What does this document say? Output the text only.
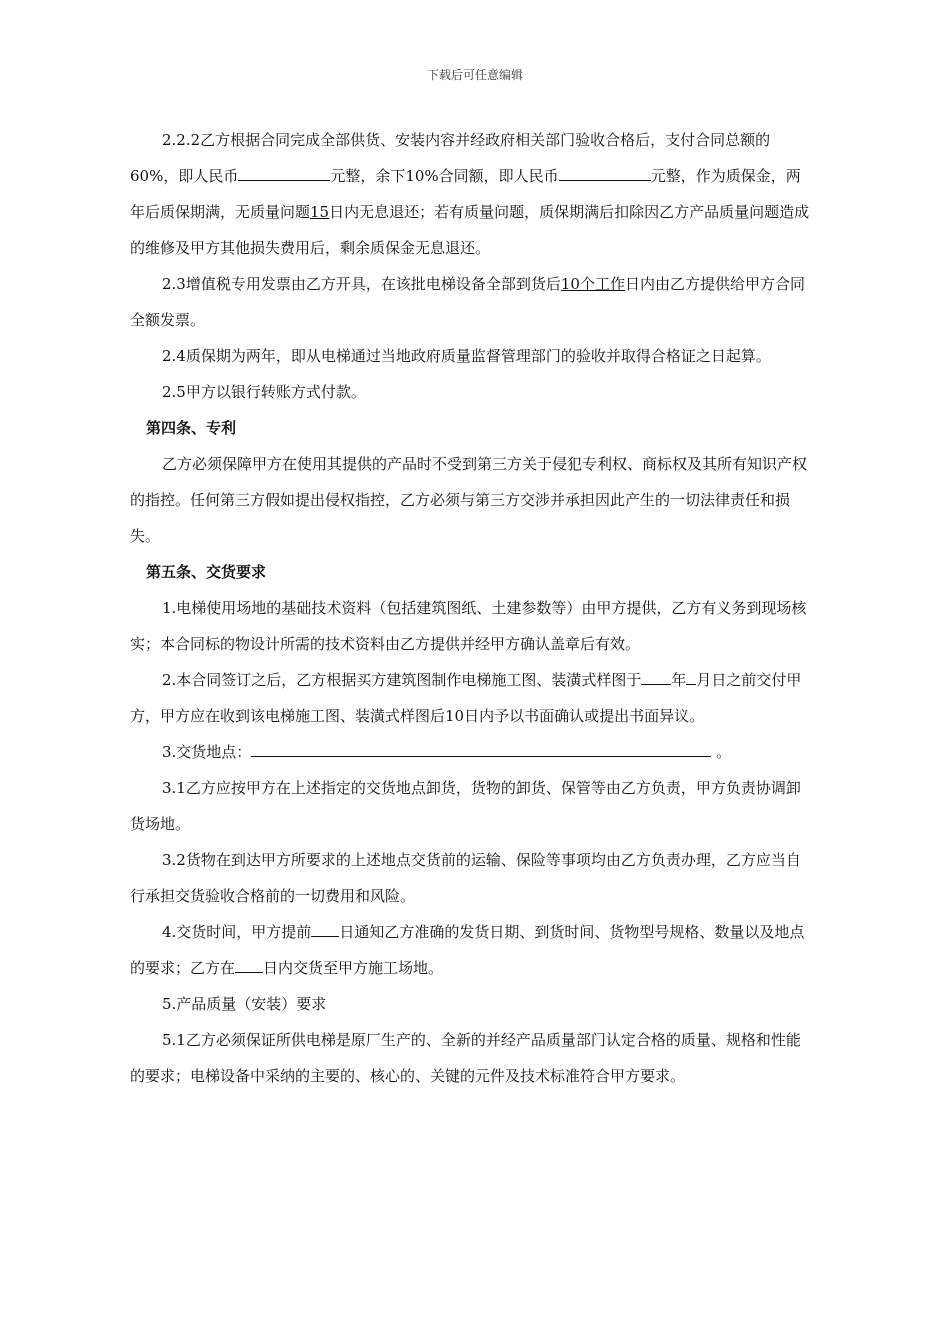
下载后可任意编辑

2.2.2乙方根据合同完成全部供货、安装内容并经政府相关部门验收合格后，支付合同总额的60%，即人民币	元整，余下10%合同额，即人民币	元整，作为质保金，两年后质保期满，无质量问题15日内无息退还；若有质量问题，质保期满后扣除因乙方产品质量问题造成的维修及甲方其他损失费用后，剩余质保金无息退还。

2.3增值税专用发票由乙方开具，在该批电梯设备全部到货后10个工作日内由乙方提供给甲方合同全额发票。

2.4质保期为两年，即从电梯通过当地政府质量监督管理部门的验收并取得合格证之日起算。

2.5甲方以银行转账方式付款。

第四条、专利

乙方必须保障甲方在使用其提供的产品时不受到第三方关于侵犯专利权、商标权及其所有知识产权的指控。任何第三方假如提出侵权指控，乙方必须与第三方交涉并承担因此产生的一切法律责任和损失。

第五条、交货要求

1.电梯使用场地的基础技术资料（包括建筑图纸、土建参数等）由甲方提供，乙方有义务到现场核实；本合同标的物设计所需的技术资料由乙方提供并经甲方确认盖章后有效。

2.本合同签订之后，乙方根据买方建筑图制作电梯施工图、装潢式样图于 年 月日之前交付甲方，甲方应在收到该电梯施工图、装潢式样图后10日内予以书面确认或提出书面异议。

3.交货地点：	。

3.1乙方应按甲方在上述指定的交货地点卸货，货物的卸货、保管等由乙方负责，甲方负责协调卸货场地。

3.2货物在到达甲方所要求的上述地点交货前的运输、保险等事项均由乙方负责办理，乙方应当自行承担交货验收合格前的一切费用和风险。

4.交货时间，甲方提前 日通知乙方准确的发货日期、到货时间、货物型号规格、数量以及地点的要求；乙方在 日内交货至甲方施工场地。

5.产品质量（安装）要求

5.1乙方必须保证所供电梯是原厂生产的、全新的并经产品质量部门认定合格的质量、规格和性能的要求；电梯设备中采纳的主要的、核心的、关键的元件及技术标准符合甲方要求。
